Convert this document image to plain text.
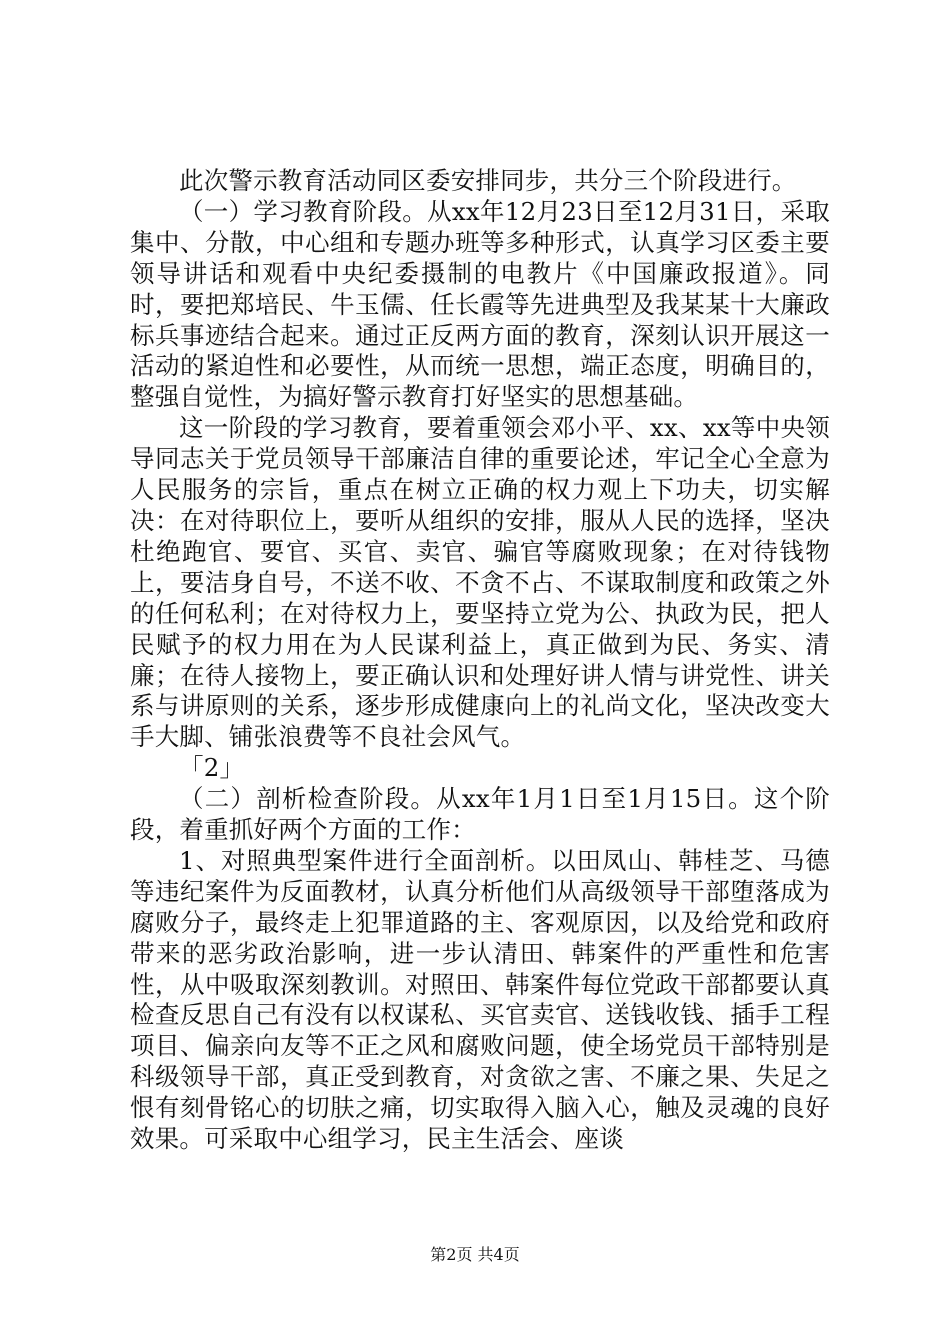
此次警示教育活动同区委安排同步，共分三个阶段进行。

（一）学习教育阶段。从xx年12月23日至12月31日，采取集中、分散，中心组和专题办班等多种形式，认真学习区委主要领导讲话和观看中央纪委摄制的电教片《中国廉政报道》。同时，要把郑培民、牛玉儒、任长霞等先进典型及我某某十大廉政标兵事迹结合起来。通过正反两方面的教育，深刻认识开展这一活动的紧迫性和必要性，从而统一思想，端正态度，明确目的，整强自觉性，为搞好警示教育打好坚实的思想基础。

这一阶段的学习教育，要着重领会邓小平、xx、xx等中央领导同志关于党员领导干部廉洁自律的重要论述，牢记全心全意为人民服务的宗旨，重点在树立正确的权力观上下功夫，切实解决：在对待职位上，要听从组织的安排，服从人民的选择，坚决杜绝跑官、要官、买官、卖官、骗官等腐败现象；在对待钱物上，要洁身自号，不送不收、不贪不占、不谋取制度和政策之外的任何私利；在对待权力上，要坚持立党为公、执政为民，把人民赋予的权力用在为人民谋利益上，真正做到为民、务实、清廉；在待人接物上，要正确认识和处理好讲人情与讲党性、讲关系与讲原则的关系，逐步形成健康向上的礼尚文化，坚决改变大手大脚、铺张浪费等不良社会风气。

「2」

（二）剖析检查阶段。从xx年1月1日至1月15日。这个阶段，着重抓好两个方面的工作：

1、对照典型案件进行全面剖析。以田凤山、韩桂芝、马德等违纪案件为反面教材，认真分析他们从高级领导干部堕落成为腐败分子，最终走上犯罪道路的主、客观原因，以及给党和政府带来的恶劣政治影响，进一步认清田、韩案件的严重性和危害性，从中吸取深刻教训。对照田、韩案件每位党政干部都要认真检查反思自己有没有以权谋私、买官卖官、送钱收钱、插手工程项目、偏亲向友等不正之风和腐败问题，使全场党员干部特别是科级领导干部，真正受到教育，对贪欲之害、不廉之果、失足之恨有刻骨铭心的切肤之痛，切实取得入脑入心，触及灵魂的良好效果。可采取中心组学习，民主生活会、座谈

第2页 共4页
